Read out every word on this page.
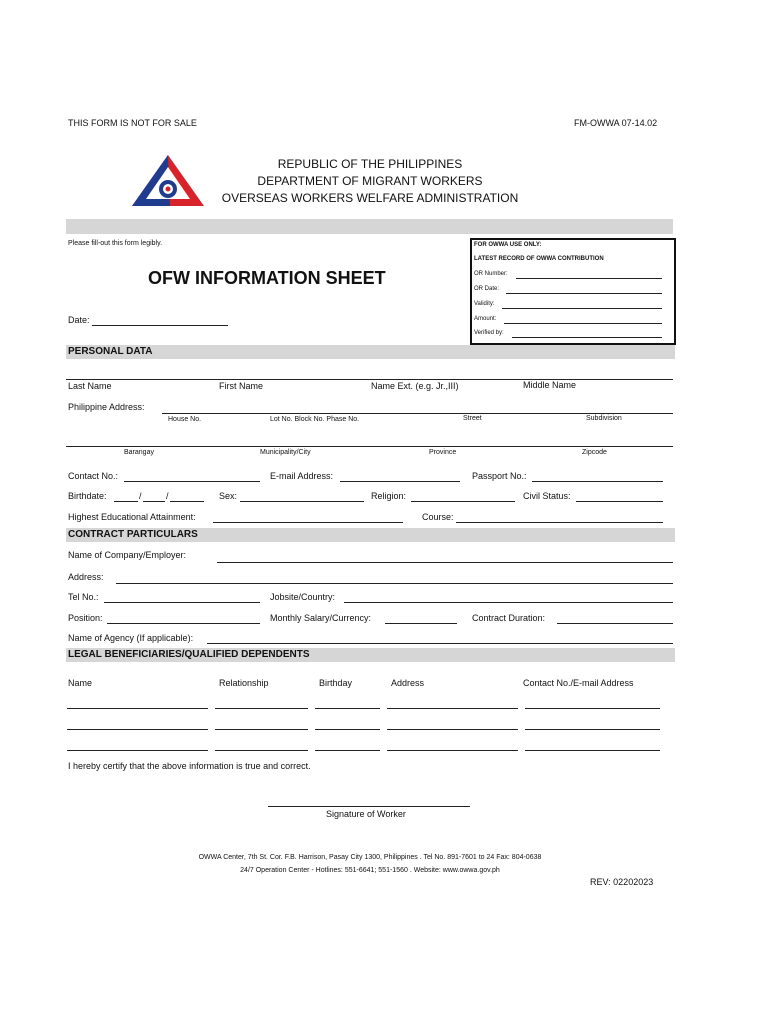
THIS FORM IS NOT FOR SALE	FM-OWWA 07-14.02
REPUBLIC OF THE PHILIPPINES
DEPARTMENT OF MIGRANT WORKERS
OVERSEAS WORKERS WELFARE ADMINISTRATION
Please fill-out this form legibly.
OFW INFORMATION SHEET
Date:
FOR OWWA USE ONLY:
LATEST RECORD OF OWWA CONTRIBUTION
OR Number:
OR Date:
Validity:
Amount:
Verified by:
PERSONAL DATA
Last Name	First Name	Name Ext. (e.g. Jr.,III)	Middle Name
Philippine Address:
House No.	Lot No. Block No. Phase No.	Street	Subdivision
Barangay	Municipality/City	Province	Zipcode
Contact No.:	E-mail Address:	Passport No.:
Birthdate:	/	/	Sex:	Religion:	Civil Status:
Highest Educational Attainment:	Course:
CONTRACT PARTICULARS
Name of Company/Employer:
Address:
Tel No.:	Jobsite/Country:
Position:	Monthly Salary/Currency:	Contract Duration:
Name of Agency (If applicable):
LEGAL BENEFICIARIES/QUALIFIED DEPENDENTS
Name	Relationship	Birthday	Address	Contact No./E-mail Address
I hereby certify that the above information is true and correct.
Signature of Worker
OWWA Center, 7th St. Cor. F.B. Harrison, Pasay City 1300, Philippines . Tel No. 891-7601 to 24 Fax: 804-0638
24/7 Operation Center - Hotlines: 551-6641; 551-1560 . Website: www.owwa.gov.ph
REV: 02202023
